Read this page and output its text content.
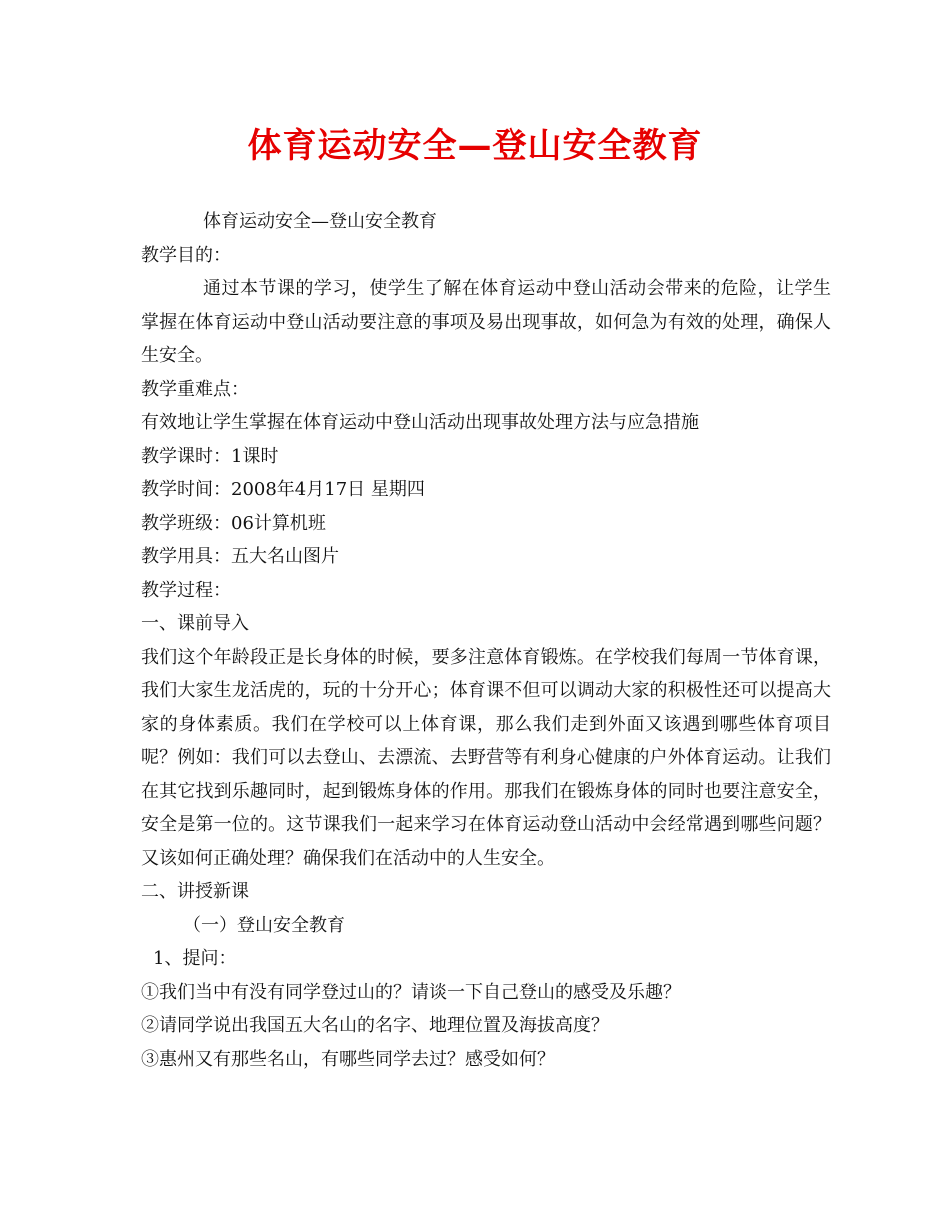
体育运动安全—登山安全教育
体育运动安全—登山安全教育
教学目的：
通过本节课的学习，使学生了解在体育运动中登山活动会带来的危险，让学生掌握在体育运动中登山活动要注意的事项及易出现事故，如何急为有效的处理，确保人生安全。
教学重难点：
有效地让学生掌握在体育运动中登山活动出现事故处理方法与应急措施
教学课时：1课时
教学时间：2008年4月17日 星期四
教学班级：06计算机班
教学用具：五大名山图片
教学过程：
一、课前导入
我们这个年龄段正是长身体的时候，要多注意体育锻炼。在学校我们每周一节体育课，我们大家生龙活虎的，玩的十分开心；体育课不但可以调动大家的积极性还可以提高大家的身体素质。我们在学校可以上体育课，那么我们走到外面又该遇到哪些体育项目呢？例如：我们可以去登山、去漂流、去野营等有利身心健康的户外体育运动。让我们在其它找到乐趣同时，起到锻炼身体的作用。那我们在锻炼身体的同时也要注意安全，安全是第一位的。这节课我们一起来学习在体育运动登山活动中会经常遇到哪些问题？又该如何正确处理？确保我们在活动中的人生安全。
二、讲授新课
（一）登山安全教育
1、提问：
①我们当中有没有同学登过山的？请谈一下自己登山的感受及乐趣？
②请同学说出我国五大名山的名字、地理位置及海拔高度？
③惠州又有那些名山，有哪些同学去过？感受如何？
